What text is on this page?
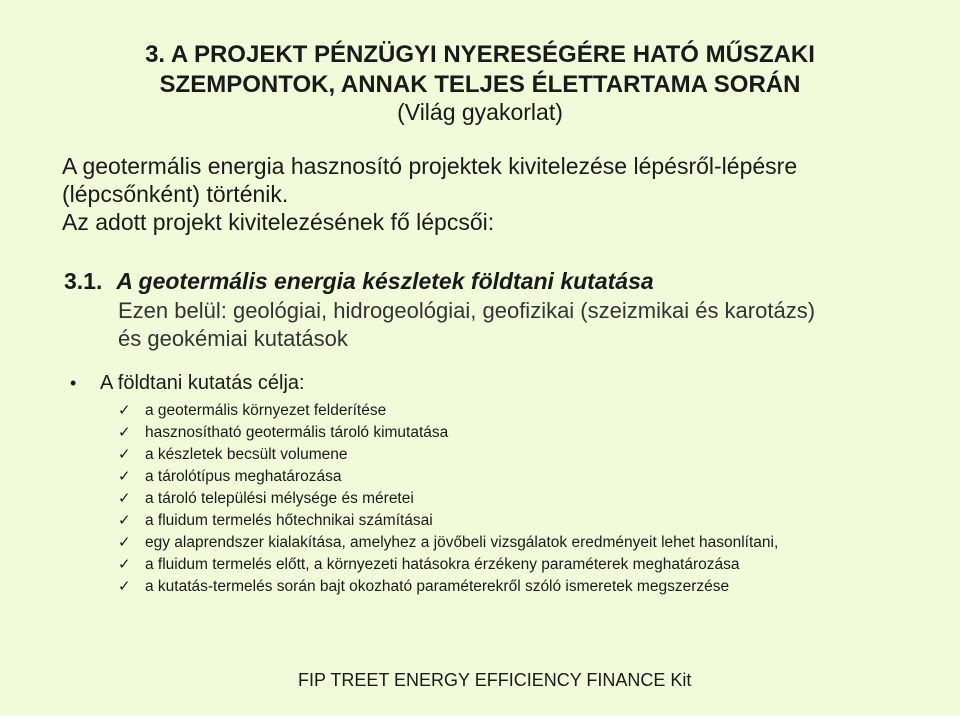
3. A PROJEKT PÉNZÜGYI NYERESÉGÉRE HATÓ MŰSZAKI
SZEMPONTOK, ANNAK TELJES ÉLETTARTAMA SORÁN
(Világ gyakorlat)
A geotermális energia hasznosító projektek kivitelezése lépésről-lépésre
(lépcsőnként) történik.
Az adott projekt kivitelezésének fő lépcsői:
3.1. A geotermális energia készletek földtani kutatása
Ezen belül: geológiai, hidrogeológiai, geofizikai (szeizmikai és karotázs)
és geokémiai kutatások
• A földtani kutatás célja:
✓ a geotermális környezet felderítése
✓ hasznosítható geotermális tároló kimutatása
✓ a készletek becsült volumene
✓ a tárolótípus meghatározása
✓ a tároló települési mélysége és méretei
✓ a fluidum termelés hőtechnikai számításai
✓ egy alaprendszer kialakítása, amelyhez a jövőbeli vizsgálatok eredményeit lehet hasonlítani,
✓ a fluidum termelés előtt, a környezeti hatásokra érzékeny paraméterek meghatározása
✓ a kutatás-termelés során bajt okozható paraméterekről szóló ismeretek megszerzése
FIP TREET ENERGY EFFICIENCY FINANCE Kit
